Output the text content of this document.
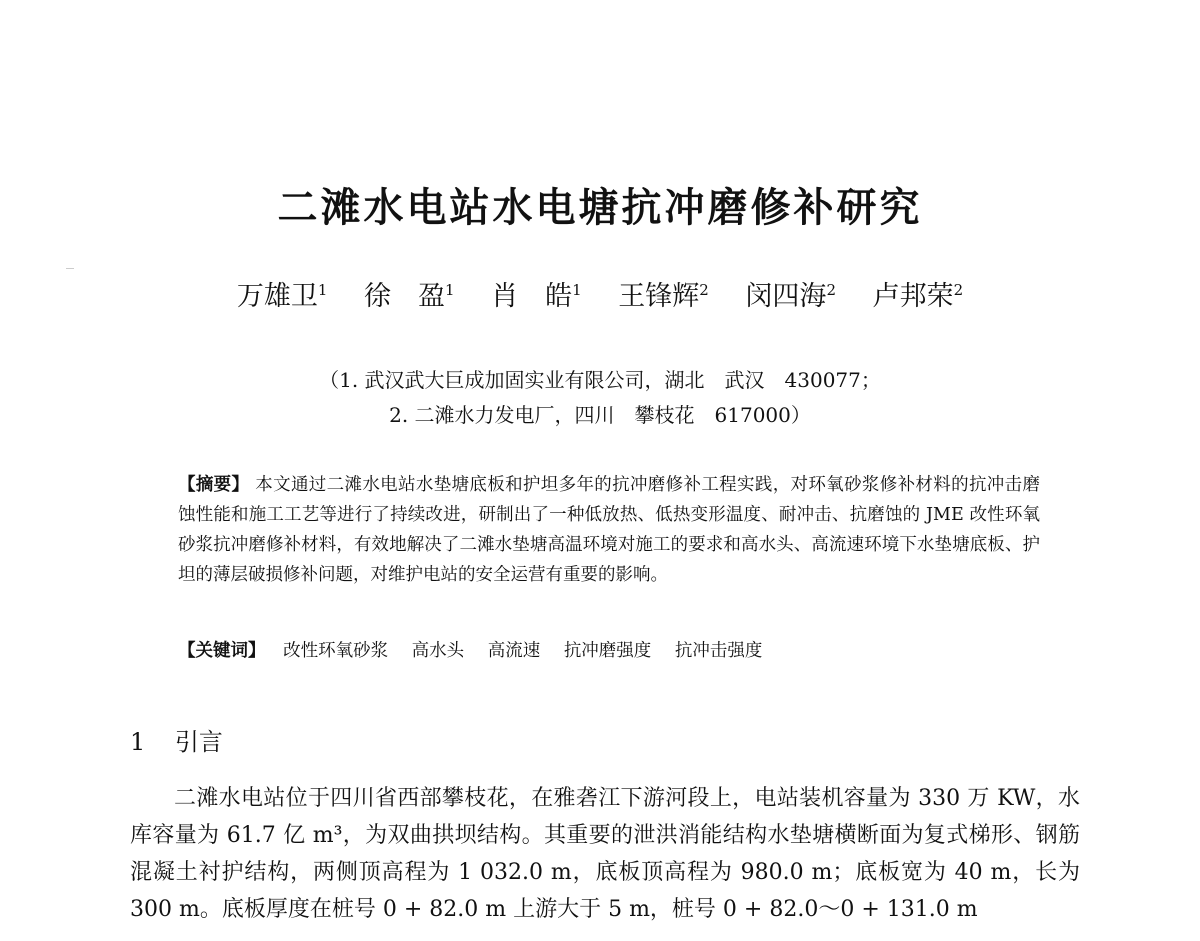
二滩水电站水电塘抗冲磨修补研究
万雄卫$^1$ 徐　盈$^1$ 肖　皓$^1$ 王锋辉$^2$ 闵四海$^2$ 卢邦荣$^2$
（1. 武汉武大巨成加固实业有限公司，湖北　武汉　430077；
2. 二滩水力发电厂，四川　攀枝花　617000）
【摘要】 本文通过二滩水电站水垫塘底板和护坦多年的抗冲磨修补工程实践，对环氧砂浆修补材料的抗冲击磨蚀性能和施工工艺等进行了持续改进，研制出了一种低放热、低热变形温度、耐冲击、抗磨蚀的 JME 改性环氧砂浆抗冲磨修补材料，有效地解决了二滩水垫塘高温环境对施工的要求和高水头、高流速环境下水垫塘底板、护坦的薄层破损修补问题，对维护电站的安全运营有重要的影响。
【关键词】 改性环氧砂浆 高水头 高流速 抗冲磨强度 抗冲击强度
1 引言
二滩水电站位于四川省西部攀枝花，在雅砻江下游河段上，电站装机容量为 330 万 KW，水库容量为 61.7 亿 m³，为双曲拱坝结构。其重要的泄洪消能结构水垫塘横断面为复式梯形、钢筋混凝土衬护结构，两侧顶高程为 1 032.0 m，底板顶高程为 980.0 m；底板宽为 40 m，长为 300 m。底板厚度在桩号 0 + 82.0 m 上游大于 5 m，桩号 0 + 82.0～0 + 131.0 m
